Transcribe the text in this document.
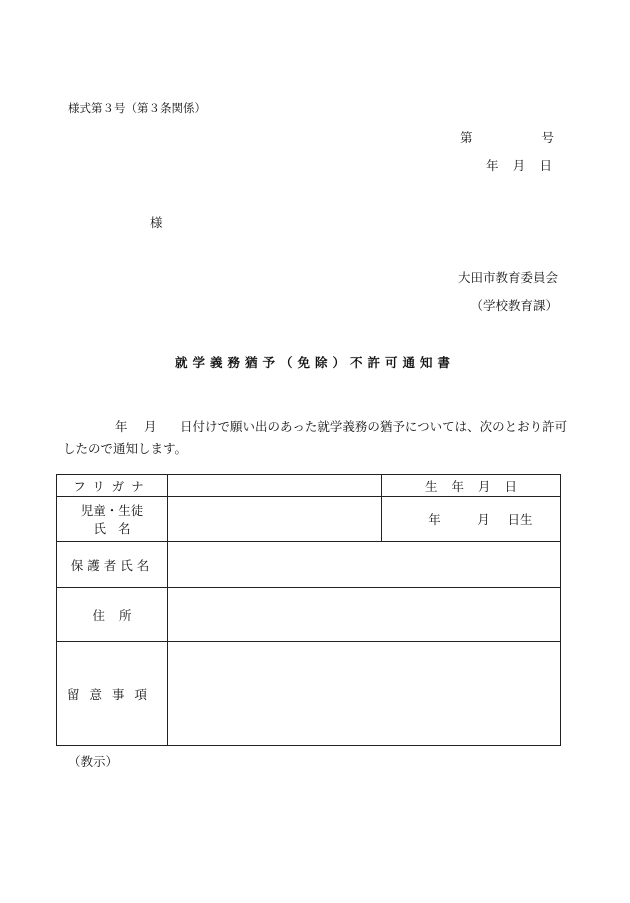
様式第３号（第３条関係）
第	号
年 月 日
様
大田市教育委員会
（学校教育課）
就学義務猶予（免除）不許可通知書
年 月 日付けで願い出のあった就学義務の猶予については、次のとおり許可したので通知します。
フリガナ		生 年 月 日

児童・生徒
氏 名		年 月 日生
保護者氏名		
住 所		
留意事項		
（教示）
